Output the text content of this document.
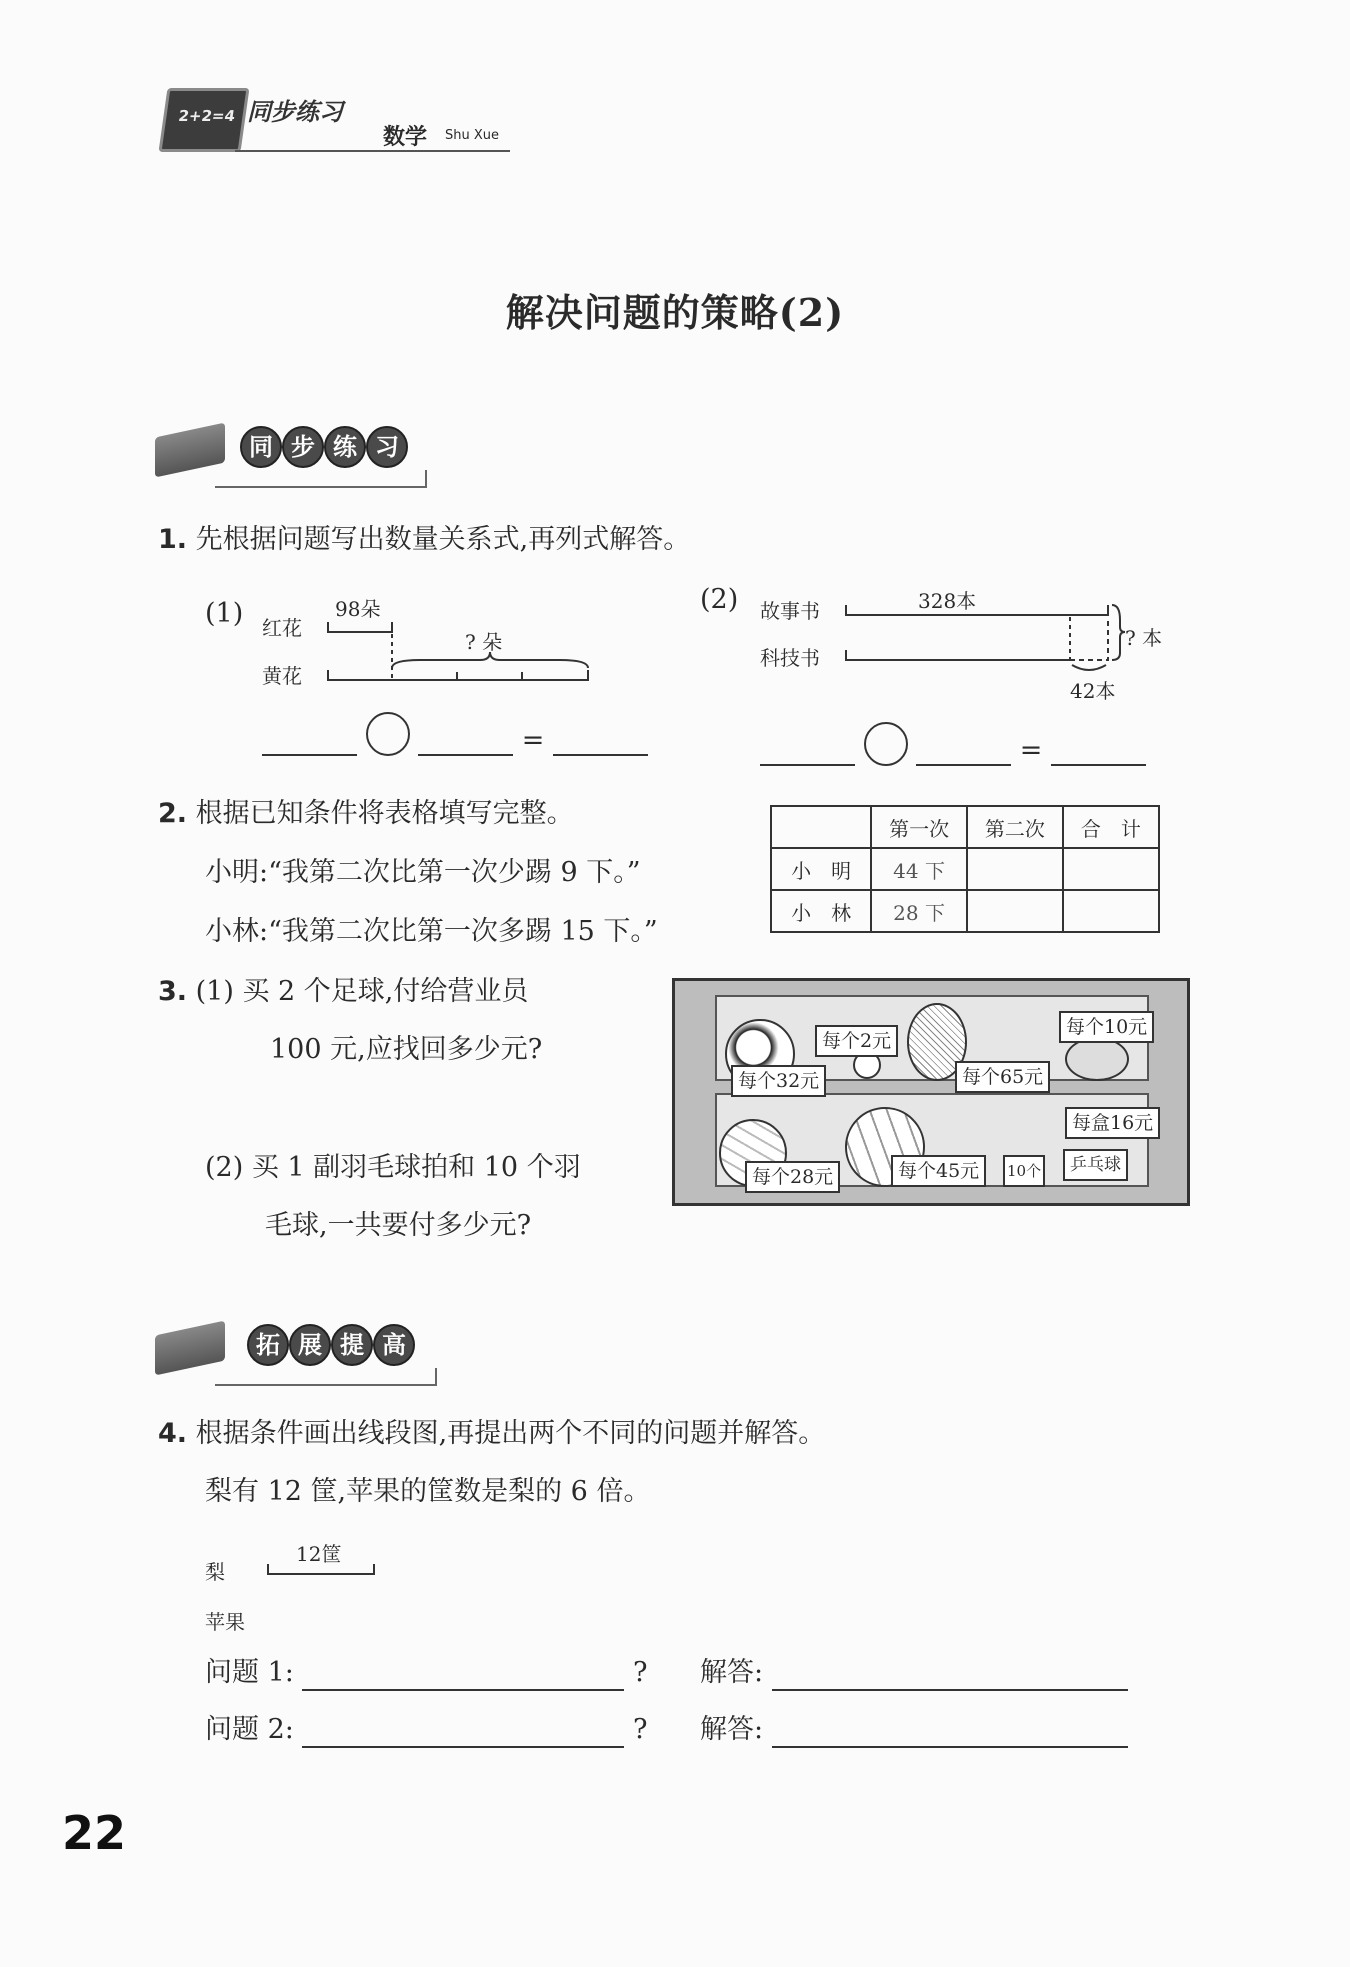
2+2=4 同步练习
数学 Shu Xue
解决问题的策略(2)
同 步 练 习
1. 先根据问题写出数量关系式,再列式解答。
(1) 红花
黄花
98朵
? 朵
(2) 故事书
科技书
328本
42本
? 本
=	=
2. 根据已知条件将表格填写完整。
小明:“我第二次比第一次少踢 9 下。”
小林:“我第二次比第一次多踢 15 下。”
	第一次	第二次	合　计
小　明	44 下		
小　林	28 下		
3. (1) 买 2 个足球,付给营业员
100 元,应找回多少元?
(2) 买 1 副羽毛球拍和 10 个羽
毛球,一共要付多少元?
每个2元
每个10元
每个32元	每个65元
每盒16元
每个28元	每个45元	10个	乒乓球
拓 展 提 高
4. 根据条件画出线段图,再提出两个不同的问题并解答。
梨有 12 筐,苹果的筐数是梨的 6 倍。
梨
苹果
12筐
问题 1:	? 解答:
问题 2:	? 解答:
22
